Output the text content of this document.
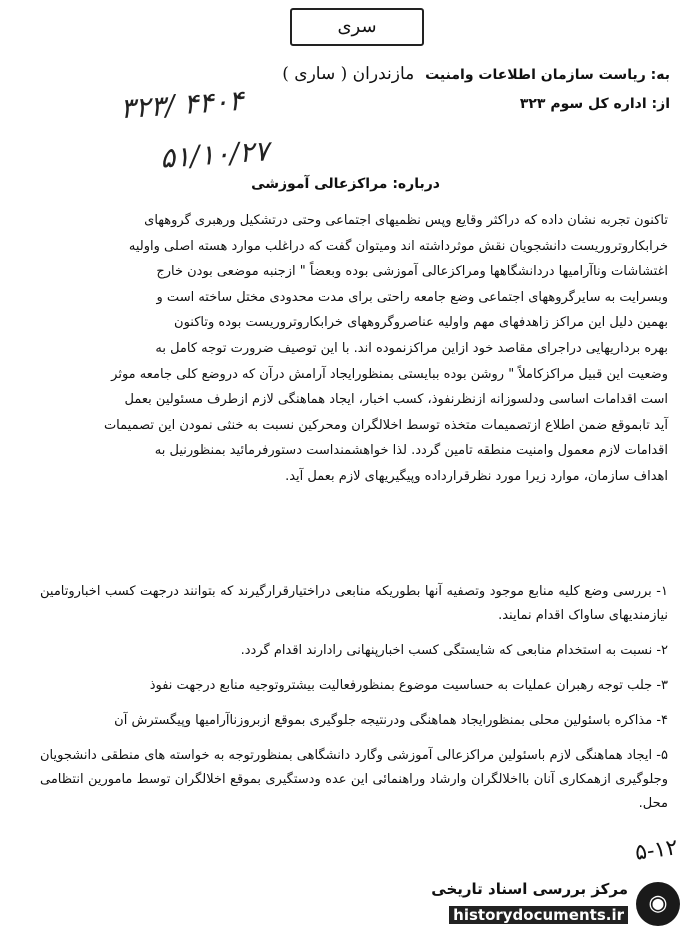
سری
به: ریاست سازمان اطلاعات وامنیت مازندران ( ساری )
از: اداره کل سوم ۳۲۳
۳۲۳/ ۴۴۰۴
۵۱/۱۰/۲۷
درباره: مراکزعالی آموزشی

تاکنون تجربه نشان داده که دراکثر وقایع وپس نظمیهای اجتماعی وحتی درتشکیل ورهبری گروههای

خرابکاروتروریست دانشجویان نقش موثرداشته اند ومیتوان گفت که دراغلب موارد هسته اصلی واولیه

اغتشاشات وناآرامیها دردانشگاهها ومراکزعالی آموزشی بوده وبعضاً " ازجنبه موضعی بودن خارج

وبسرایت به سایرگروههای اجتماعی وضع جامعه راحتی برای مدت محدودی مختل ساخته است و

بهمین دلیل این مراکز زاهدفهای مهم واولیه عناصروگروههای خرابکاروتروریست بوده وتاکنون

بهره برداریهایی دراجرای مقاصد خود ازاین مراکزنموده اند. با این توصیف ضرورت توجه کامل به

وضعیت این قبیل مراکزکاملاً " روشن بوده ببایستی بمنظورایجاد آرامش درآن که دروضع کلی جامعه موثر

است اقدامات اساسی ودلسوزانه ازنظرنفوذ، کسب اخبار، ایجاد هماهنگی لازم ازطرف مسئولین بعمل

آید تابموقع ضمن اطلاع ازتصمیمات متخذه توسط اخلالگران ومحرکین نسبت به خنثی نمودن این تصمیمات

اقدامات لازم معمول وامنیت منطقه تامین گردد. لذا خواهشمنداست دستورفرمائید بمنظورنیل به

اهداف سازمان، موارد زیرا مورد نظرقرارداده وپیگیریهای لازم بعمل آید.

۱- بررسی وضع کلیه منابع موجود وتصفیه آنها بطوریکه منابعی دراختیارقرارگیرند که بتوانند درجهت کسب اخباروتامین نیازمندیهای ساواک اقدام نمایند.

۲- نسبت به استخدام منابعی که شایستگی کسب اخبارپنهانی رادارند اقدام گردد.

۳- جلب توجه رهبران عملیات به حساسیت موضوع بمنظورفعالیت بیشتروتوجیه منابع درجهت نفوذ

۴- مذاکره باسئولین محلی بمنظورایجاد هماهنگی ودرنتیجه جلوگیری بموقع ازبروزناآرامیها وپیگسترش آن

۵- ایجاد هماهنگی لازم باسئولین مراکزعالی آموزشی وگارد دانشگاهی بمنظورتوجه به خواسته های منطقی دانشجویان وجلوگیری ازهمکاری آنان بااخلالگران وارشاد وراهنمائی این عده ودستگیری بموقع اخلالگران توسط مامورین انتظامی محل.

۵-۱۲
◉
مرکز بررسی اسناد تاریخی
historydocuments.ir
